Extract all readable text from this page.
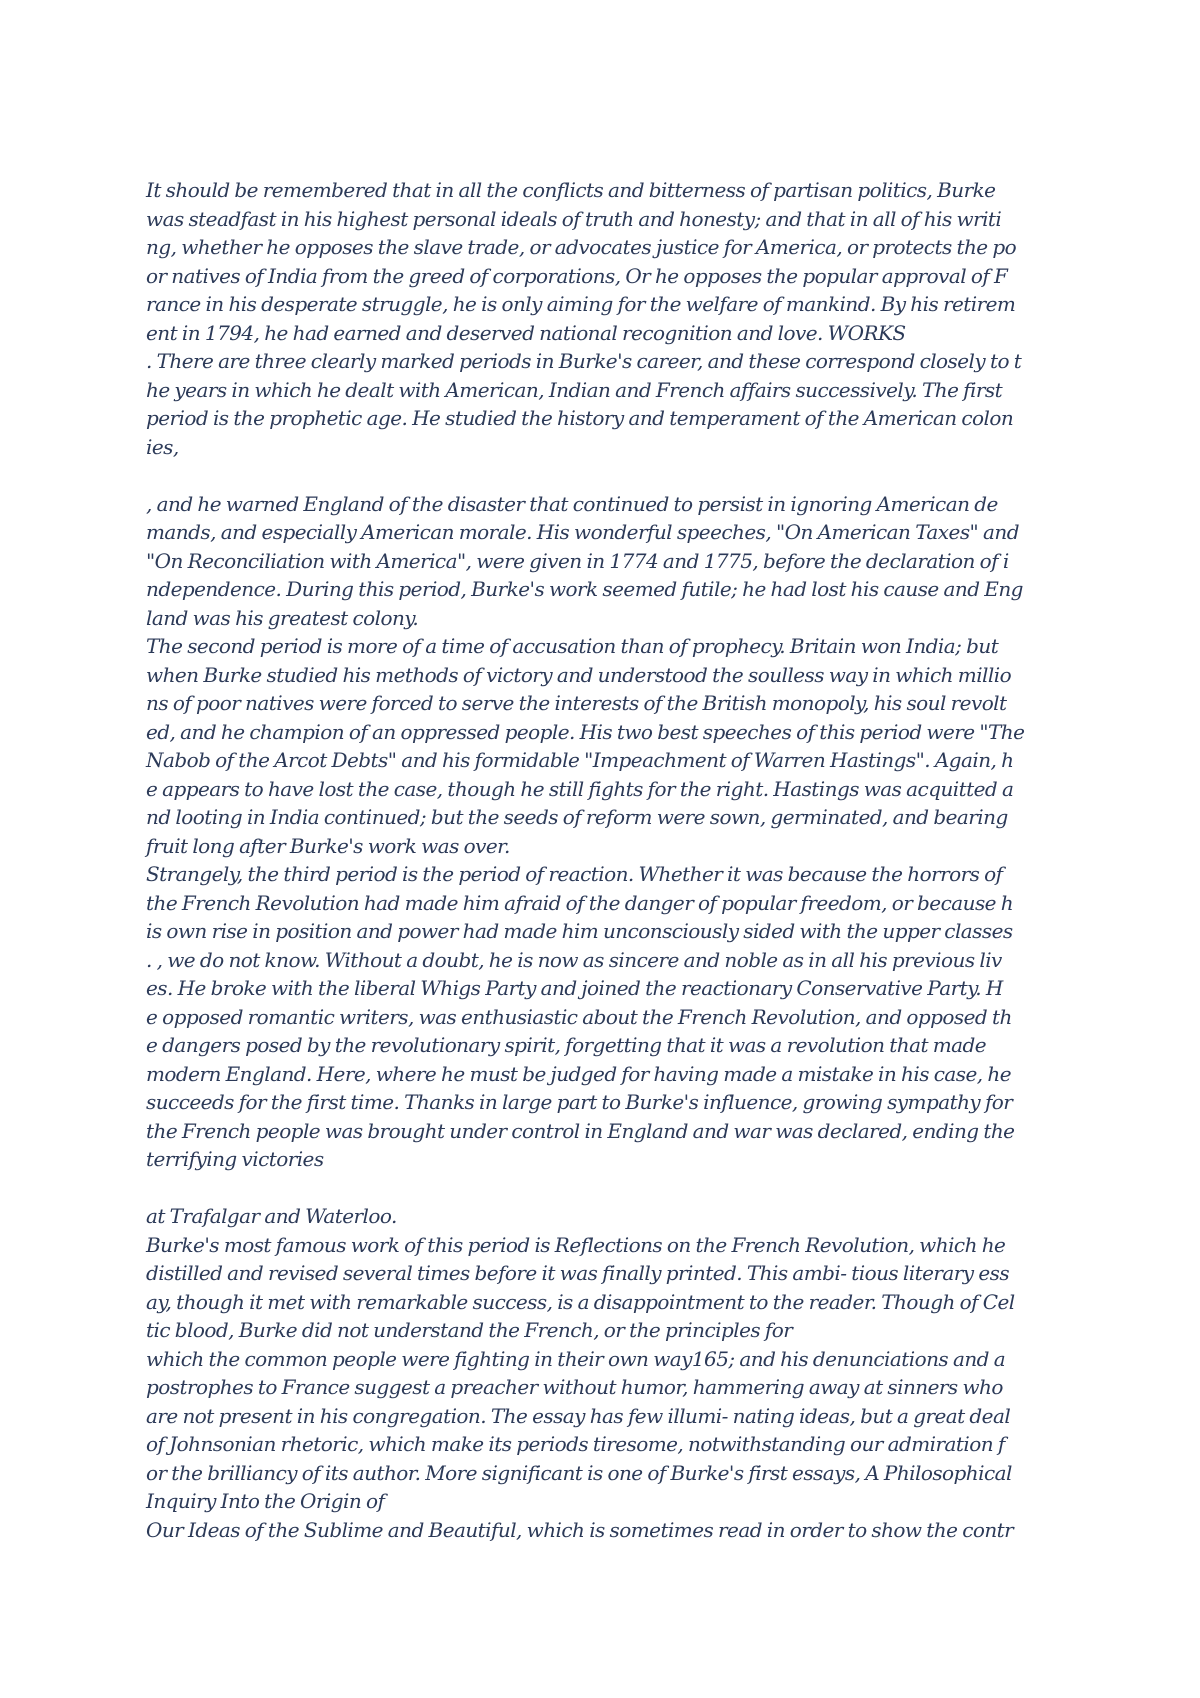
It should be remembered that in all the conflicts and bitterness of partisan politics, Burke
was steadfast in his highest personal ideals of truth and honesty; and that in all of his writi
ng, whether he opposes the slave trade, or advocates justice for America, or protects the po
or natives of India from the greed of corporations, Or he opposes the popular approval of F
rance in his desperate struggle, he is only aiming for the welfare of mankind. By his retirem
ent in 1794, he had earned and deserved national recognition and love. WORKS
. There are three clearly marked periods in Burke's career, and these correspond closely to t
he years in which he dealt with American, Indian and French affairs successively. The first
period is the prophetic age. He studied the history and temperament of the American colon
ies,
, and he warned England of the disaster that continued to persist in ignoring American de
mands, and especially American morale. His wonderful speeches, "On American Taxes" and
"On Reconciliation with America", were given in 1774 and 1775, before the declaration of i
ndependence. During this period, Burke's work seemed futile; he had lost his cause and Eng
land was his greatest colony.
The second period is more of a time of accusation than of prophecy. Britain won India; but
when Burke studied his methods of victory and understood the soulless way in which millio
ns of poor natives were forced to serve the interests of the British monopoly, his soul revolt
ed, and he champion of an oppressed people. His two best speeches of this period were "The
Nabob of the Arcot Debts" and his formidable "Impeachment of Warren Hastings". Again, h
e appears to have lost the case, though he still fights for the right. Hastings was acquitted a
nd looting in India continued; but the seeds of reform were sown, germinated, and bearing
fruit long after Burke's work was over.
Strangely, the third period is the period of reaction. Whether it was because the horrors of
the French Revolution had made him afraid of the danger of popular freedom, or because h
is own rise in position and power had made him unconsciously sided with the upper classes
. , we do not know. Without a doubt, he is now as sincere and noble as in all his previous liv
es. He broke with the liberal Whigs Party and joined the reactionary Conservative Party. H
e opposed romantic writers, was enthusiastic about the French Revolution, and opposed th
e dangers posed by the revolutionary spirit, forgetting that it was a revolution that made
modern England. Here, where he must be judged for having made a mistake in his case, he
succeeds for the first time. Thanks in large part to Burke's influence, growing sympathy for
the French people was brought under control in England and war was declared, ending the
terrifying victories
at Trafalgar and Waterloo.
Burke's most famous work of this period is Reflections on the French Revolution, which he
distilled and revised several times before it was finally printed. This ambi- tious literary ess
ay, though it met with remarkable success, is a disappointment to the reader. Though of Cel
tic blood, Burke did not understand the French, or the principles for
which the common people were fighting in their own way165; and his denunciations and a
postrophes to France suggest a preacher without humor, hammering away at sinners who
are not present in his congregation. The essay has few illumi- nating ideas, but a great deal
of Johnsonian rhetoric, which make its periods tiresome, notwithstanding our admiration f
or the brilliancy of its author. More significant is one of Burke's first essays, A Philosophical
Inquiry Into the Origin of
Our Ideas of the Sublime and Beautiful, which is sometimes read in order to show the contr
